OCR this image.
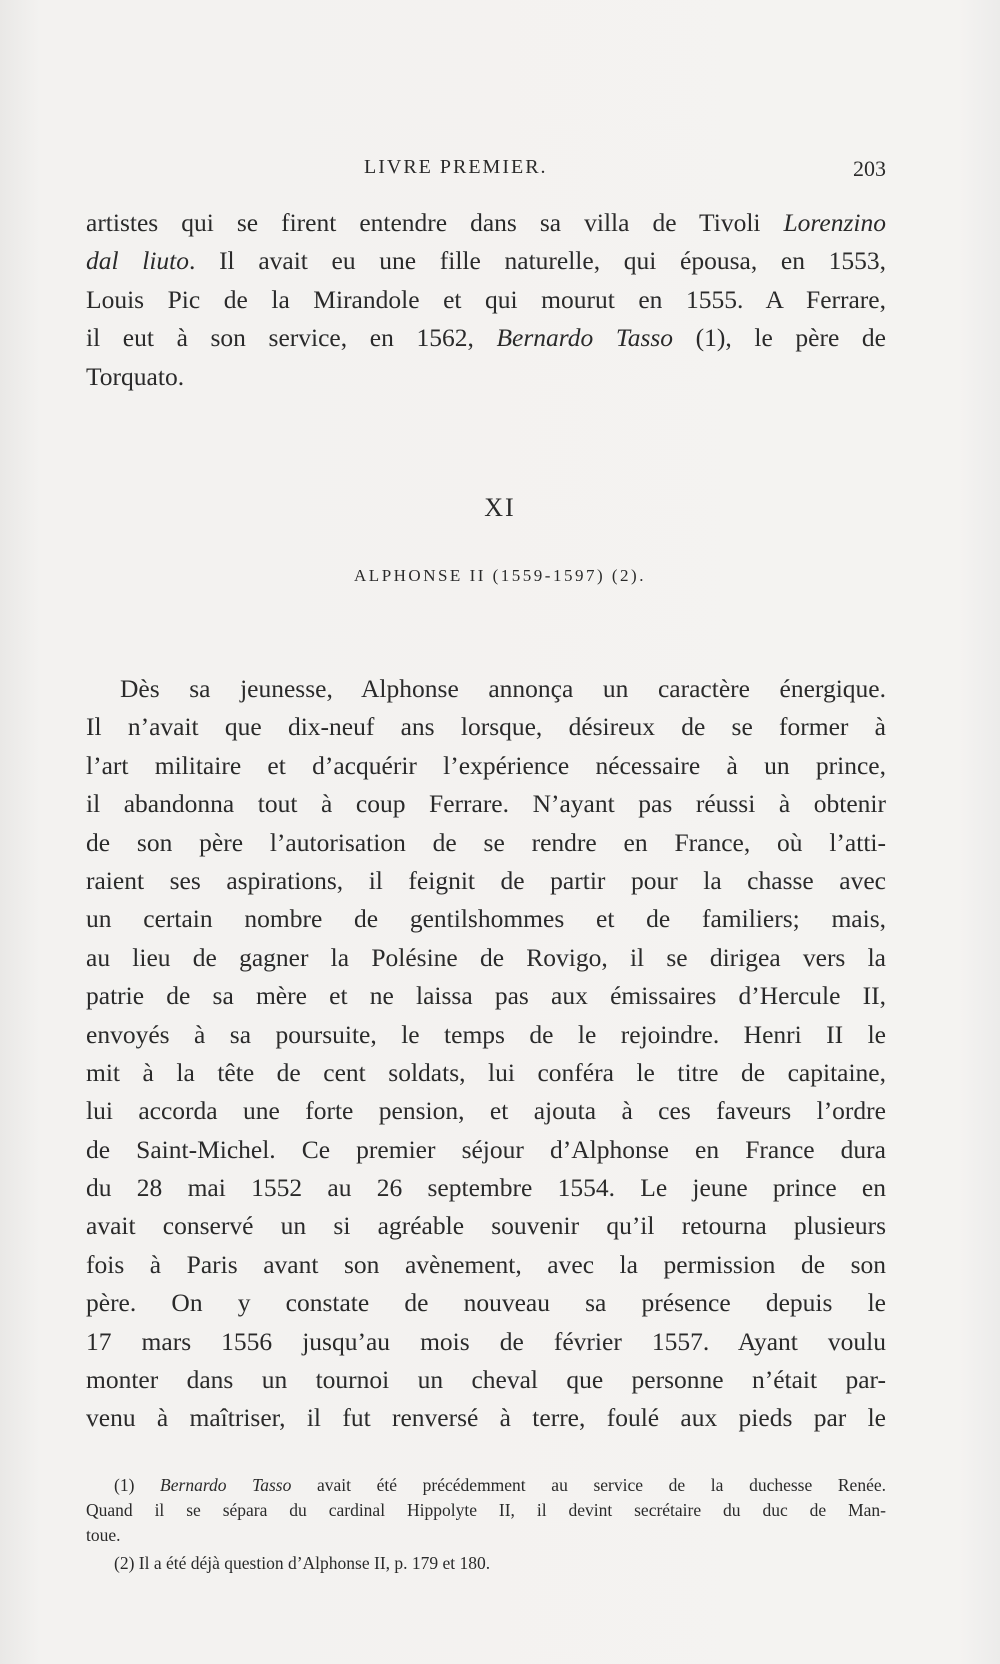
LIVRE PREMIER.	203
artistes qui se firent entendre dans sa villa de Tivoli Lorenzino
dal liuto. Il avait eu une fille naturelle, qui épousa, en 1553,
Louis Pic de la Mirandole et qui mourut en 1555. A Ferrare,
il eut à son service, en 1562, Bernardo Tasso (1), le père de
Torquato.
XI
ALPHONSE II (1559-1597) (2).
Dès sa jeunesse, Alphonse annonça un caractère énergique.
Il n’avait que dix-neuf ans lorsque, désireux de se former à
l’art militaire et d’acquérir l’expérience nécessaire à un prince,
il abandonna tout à coup Ferrare. N’ayant pas réussi à obtenir
de son père l’autorisation de se rendre en France, où l’atti-
raient ses aspirations, il feignit de partir pour la chasse avec
un certain nombre de gentilshommes et de familiers; mais,
au lieu de gagner la Polésine de Rovigo, il se dirigea vers la
patrie de sa mère et ne laissa pas aux émissaires d’Hercule II,
envoyés à sa poursuite, le temps de le rejoindre. Henri II le
mit à la tête de cent soldats, lui conféra le titre de capitaine,
lui accorda une forte pension, et ajouta à ces faveurs l’ordre
de Saint-Michel. Ce premier séjour d’Alphonse en France dura
du 28 mai 1552 au 26 septembre 1554. Le jeune prince en
avait conservé un si agréable souvenir qu’il retourna plusieurs
fois à Paris avant son avènement, avec la permission de son
père. On y constate de nouveau sa présence depuis le
17 mars 1556 jusqu’au mois de février 1557. Ayant voulu
monter dans un tournoi un cheval que personne n’était par-
venu à maîtriser, il fut renversé à terre, foulé aux pieds par le
(1) Bernardo Tasso avait été précédemment au service de la duchesse Renée.
Quand il se sépara du cardinal Hippolyte II, il devint secrétaire du duc de Man-
toue.
(2) Il a été déjà question d’Alphonse II, p. 179 et 180.
